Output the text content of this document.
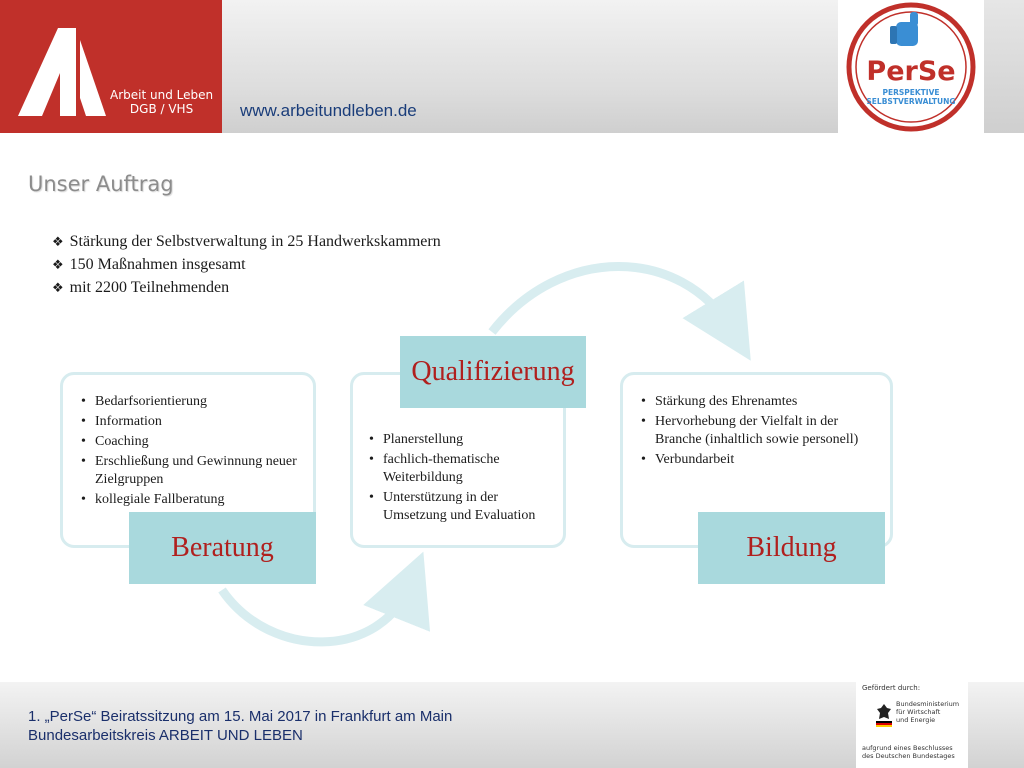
Arbeit und Leben
DGB / VHS	www.arbeitundleben.de
PerSe
PERSPEKTIVE
SELBSTVERWALTUNG
Unser Auftrag
❖ Stärkung der Selbstverwaltung in 25 Handwerkskammern
❖ 150 Maßnahmen insgesamt
❖ mit 2200 Teilnehmenden
• Bedarfsorientierung
• Information
• Coaching
• Erschließung und Gewinnung neuer Zielgruppen
• kollegiale Fallberatung
Beratung
• Planerstellung
• fachlich-thematische Weiterbildung
• Unterstützung in der Umsetzung und Evaluation
Qualifizierung
• Stärkung des Ehrenamtes
• Hervorhebung der Vielfalt in der Branche (inhaltlich sowie personell)
• Verbundarbeit
Bildung
1. „PerSe“ Beiratssitzung am 15. Mai 2017 in Frankfurt am Main
Bundesarbeitskreis ARBEIT UND LEBEN
Gefördert durch:
Bundesministerium
für Wirtschaft
und Energie
aufgrund eines Beschlusses
des Deutschen Bundestages
